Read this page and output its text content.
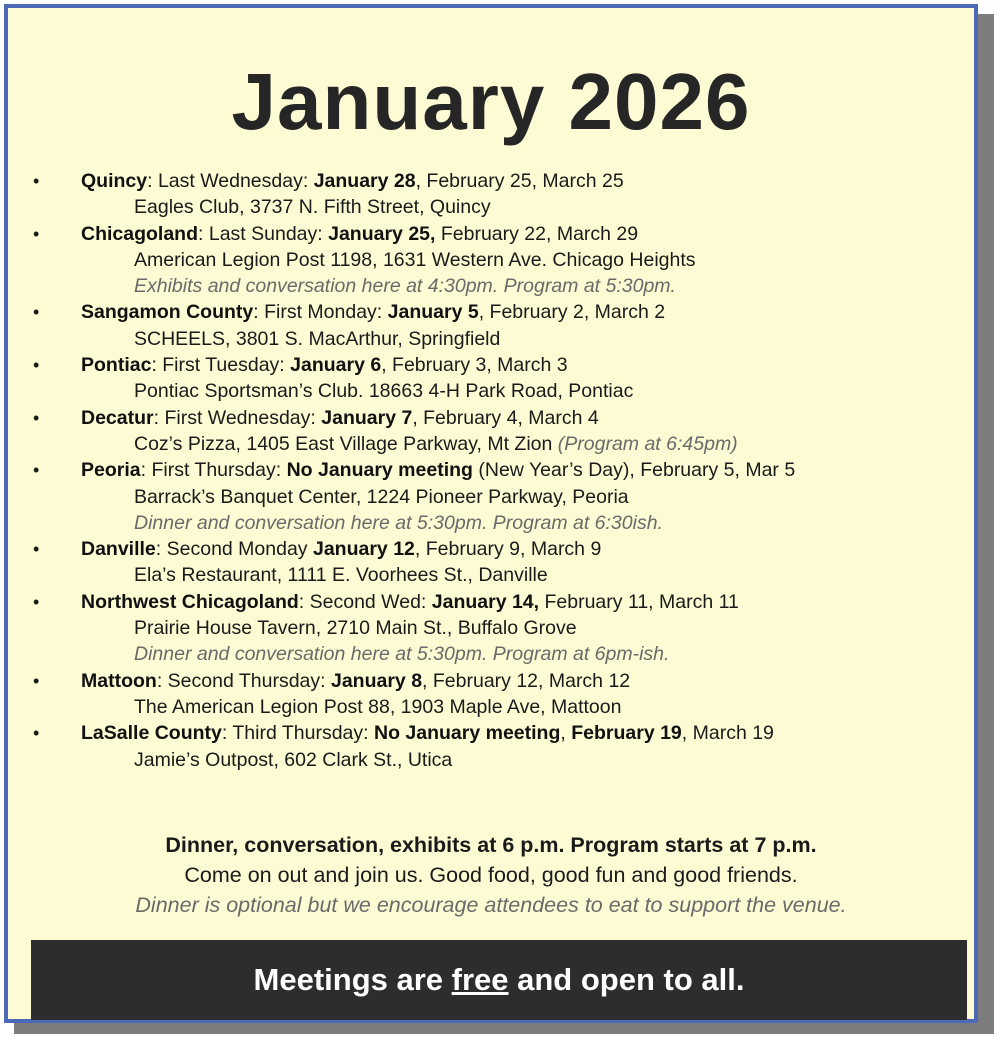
January 2026
• Quincy: Last Wednesday: January 28, February 25, March 25
Eagles Club, 3737 N. Fifth Street, Quincy
• Chicagoland: Last Sunday: January 25, February 22, March 29
American Legion Post 1198, 1631 Western Ave. Chicago Heights
Exhibits and conversation here at 4:30pm. Program at 5:30pm.
• Sangamon County: First Monday: January 5, February 2, March 2
SCHEELS, 3801 S. MacArthur, Springfield
• Pontiac: First Tuesday: January 6, February 3, March 3
Pontiac Sportsman’s Club. 18663 4-H Park Road, Pontiac
• Decatur: First Wednesday: January 7, February 4, March 4
Coz’s Pizza, 1405 East Village Parkway, Mt Zion (Program at 6:45pm)
• Peoria: First Thursday: No January meeting (New Year’s Day), February 5, Mar 5
Barrack’s Banquet Center, 1224 Pioneer Parkway, Peoria
Dinner and conversation here at 5:30pm. Program at 6:30ish.
• Danville: Second Monday January 12, February 9, March 9
Ela’s Restaurant, 1111 E. Voorhees St., Danville
• Northwest Chicagoland: Second Wed: January 14, February 11, March 11
Prairie House Tavern, 2710 Main St., Buffalo Grove
Dinner and conversation here at 5:30pm. Program at 6pm-ish.
• Mattoon: Second Thursday: January 8, February 12, March 12
The American Legion Post 88, 1903 Maple Ave, Mattoon
• LaSalle County: Third Thursday: No January meeting, February 19, March 19
Jamie’s Outpost, 602 Clark St., Utica
Dinner, conversation, exhibits at 6 p.m. Program starts at 7 p.m.
Come on out and join us. Good food, good fun and good friends.
Dinner is optional but we encourage attendees to eat to support the venue.
Meetings are free and open to all.
